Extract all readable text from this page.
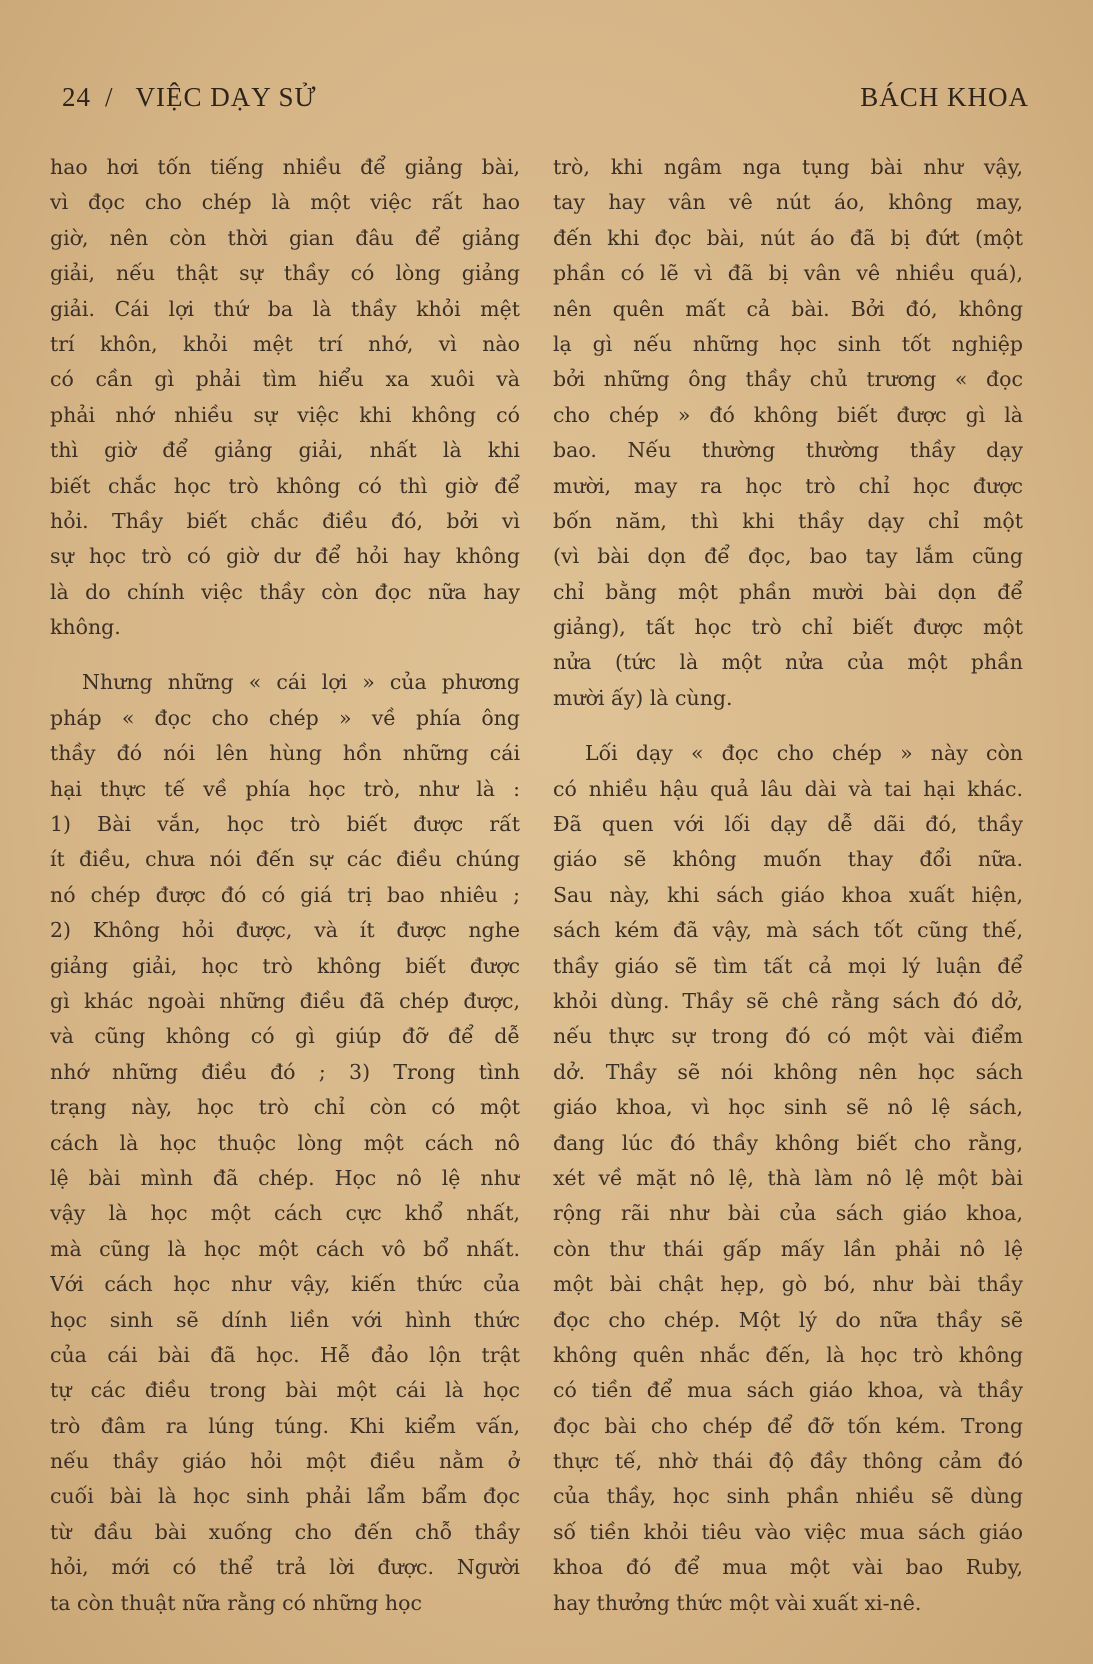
24 / VIỆC DẠY SỬ	BÁCH KHOA
hao hơi tốn tiếng nhiều để giảng bài,
vì đọc cho chép là một việc rất hao
giờ, nên còn thời gian đâu để giảng
giải, nếu thật sự thầy có lòng giảng
giải. Cái lợi thứ ba là thầy khỏi mệt
trí khôn, khỏi mệt trí nhớ, vì nào
có cần gì phải tìm hiểu xa xuôi và
phải nhớ nhiều sự việc khi không có
thì giờ để giảng giải, nhất là khi
biết chắc học trò không có thì giờ để
hỏi. Thầy biết chắc điều đó, bởi vì
sự học trò có giờ dư để hỏi hay không
là do chính việc thầy còn đọc nữa hay
không.
Nhưng những « cái lợi » của phương
pháp « đọc cho chép » về phía ông
thầy đó nói lên hùng hồn những cái
hại thực tế về phía học trò, như là :
1) Bài vắn, học trò biết được rất
ít điều, chưa nói đến sự các điều chúng
nó chép được đó có giá trị bao nhiêu ;
2) Không hỏi được, và ít được nghe
giảng giải, học trò không biết được
gì khác ngoài những điều đã chép được,
và cũng không có gì giúp đỡ để dễ
nhớ những điều đó ; 3) Trong tình
trạng này, học trò chỉ còn có một
cách là học thuộc lòng một cách nô
lệ bài mình đã chép. Học nô lệ như
vậy là học một cách cực khổ nhất,
mà cũng là học một cách vô bổ nhất.
Với cách học như vậy, kiến thức của
học sinh sẽ dính liền với hình thức
của cái bài đã học. Hễ đảo lộn trật
tự các điều trong bài một cái là học
trò đâm ra lúng túng. Khi kiểm vấn,
nếu thầy giáo hỏi một điều nằm ở
cuối bài là học sinh phải lẩm bẩm đọc
từ đầu bài xuống cho đến chỗ thầy
hỏi, mới có thể trả lời được. Người
ta còn thuật nữa rằng có những học
trò, khi ngâm nga tụng bài như vậy,
tay hay vân vê nút áo, không may,
đến khi đọc bài, nút áo đã bị đứt (một
phần có lẽ vì đã bị vân vê nhiều quá),
nên quên mất cả bài. Bởi đó, không
lạ gì nếu những học sinh tốt nghiệp
bởi những ông thầy chủ trương « đọc
cho chép » đó không biết được gì là
bao. Nếu thường thường thầy dạy
mười, may ra học trò chỉ học được
bốn năm, thì khi thầy dạy chỉ một
(vì bài dọn để đọc, bao tay lắm cũng
chỉ bằng một phần mười bài dọn để
giảng), tất học trò chỉ biết được một
nửa (tức là một nửa của một phần
mười ấy) là cùng.
Lối dạy « đọc cho chép » này còn
có nhiều hậu quả lâu dài và tai hại khác.
Đã quen với lối dạy dễ dãi đó, thầy
giáo sẽ không muốn thay đổi nữa.
Sau này, khi sách giáo khoa xuất hiện,
sách kém đã vậy, mà sách tốt cũng thế,
thầy giáo sẽ tìm tất cả mọi lý luận để
khỏi dùng. Thầy sẽ chê rằng sách đó dở,
nếu thực sự trong đó có một vài điểm
dở. Thầy sẽ nói không nên học sách
giáo khoa, vì học sinh sẽ nô lệ sách,
đang lúc đó thầy không biết cho rằng,
xét về mặt nô lệ, thà làm nô lệ một bài
rộng rãi như bài của sách giáo khoa,
còn thư thái gấp mấy lần phải nô lệ
một bài chật hẹp, gò bó, như bài thầy
đọc cho chép. Một lý do nữa thầy sẽ
không quên nhắc đến, là học trò không
có tiền để mua sách giáo khoa, và thầy
đọc bài cho chép để đỡ tốn kém. Trong
thực tế, nhờ thái độ đầy thông cảm đó
của thầy, học sinh phần nhiều sẽ dùng
số tiền khỏi tiêu vào việc mua sách giáo
khoa đó để mua một vài bao Ruby,
hay thưởng thức một vài xuất xi-nê.
